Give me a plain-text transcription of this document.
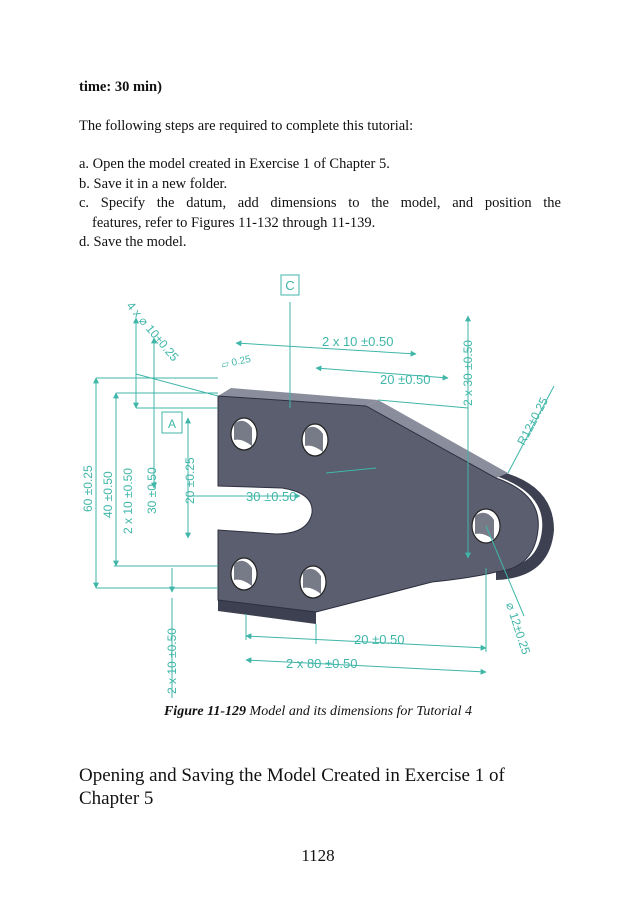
time: 30 min)
The following steps are required to complete this tutorial:
a. Open the model created in Exercise 1 of Chapter 5.
b. Save it in a new folder.
c. Specify the datum, add dimensions to the model, and position the
features, refer to Figures 11-132 through 11-139.
d. Save the model.
C
A
4 x ⌀ 10±0.25	2 x 10 ±0.50
▱ 0.25
20 ±0.50	2 x 30 ±0.50
R12±0.25
60 ±0.25 40 ±0.50 2 x 10 ±0.50 30 ±0.50 20 ±0.25	30 ±0.50
2 x 10 ±0.50	20 ±0.50
2 x 80 ±0.50
⌀ 12±0.25
Figure 11-129 Model and its dimensions for Tutorial 4
Opening and Saving the Model Created in Exercise 1 of Chapter 5
1128
